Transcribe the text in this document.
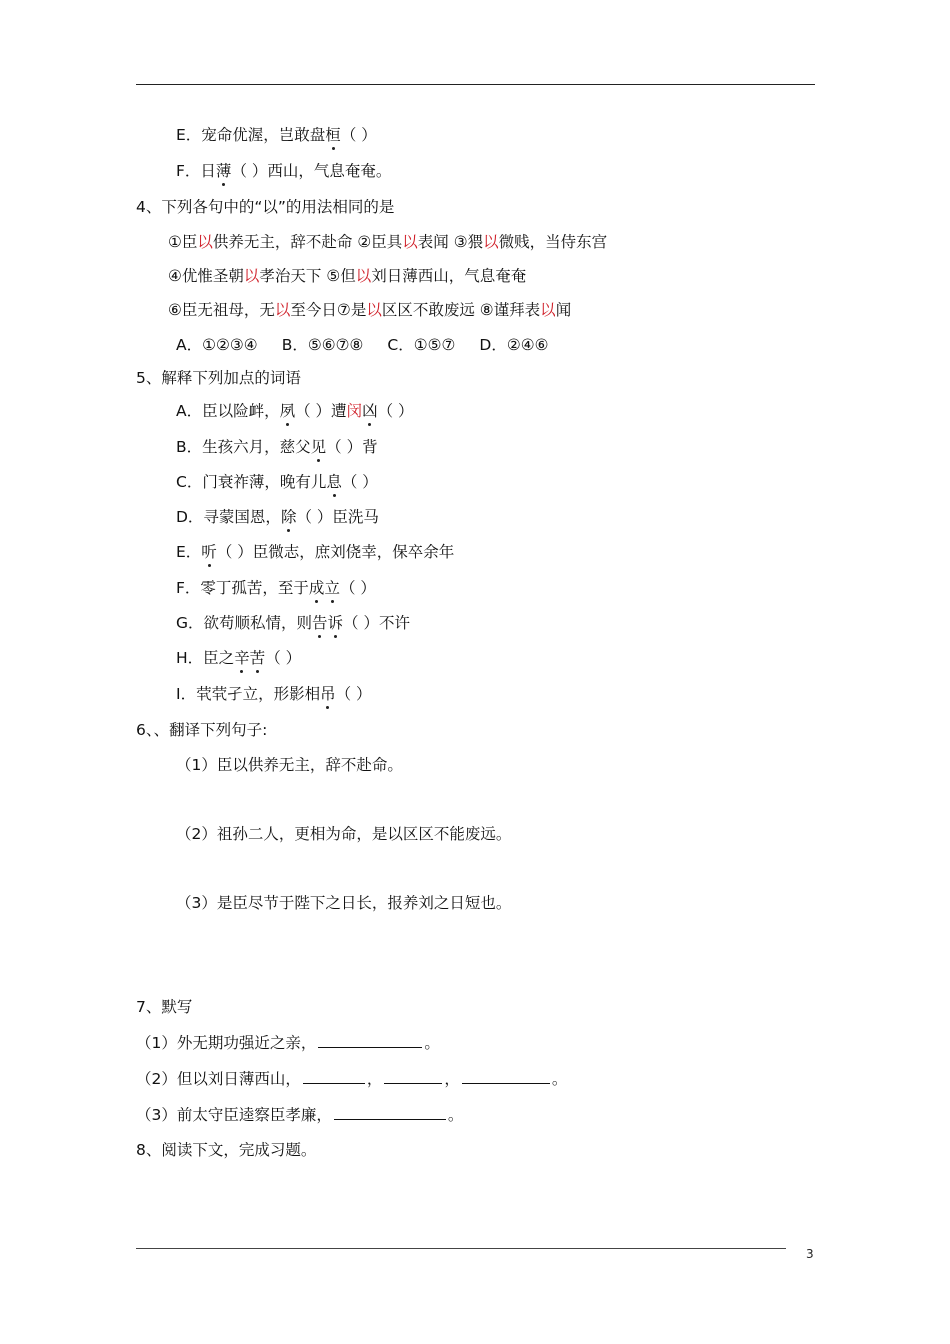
E．宠命优渥，岂敢盘桓（ ）
F．日薄（ ）西山，气息奄奄。
4、下列各句中的“以”的用法相同的是
①臣以供养无主，辞不赴命 ②臣具以表闻 ③猥以微贱，当侍东宫
④优惟圣朝以孝治天下 ⑤但以刘日薄西山，气息奄奄
⑥臣无祖母，无以至今日⑦是以区区不敢废远 ⑧谨拜表以闻
A．①②③④ B．⑤⑥⑦⑧ C．①⑤⑦ D．②④⑥
5、解释下列加点的词语
A．臣以险衅，夙（ ）遭闵凶（ ）
B．生孩六月，慈父见（ ）背
C．门衰祚薄，晚有儿息（ ）
D．寻蒙国恩，除（ ）臣洗马
E．听（ ）臣微志，庶刘侥幸，保卒余年
F．零丁孤苦，至于成立（ ）
G．欲苟顺私情，则告诉（ ）不许
H．臣之辛苦（ ）
I．茕茕孑立，形影相吊（ ）
6、、翻译下列句子:
（1）臣以供养无主，辞不赴命。
（2）祖孙二人，更相为命，是以区区不能废远。
（3）是臣尽节于陛下之日长，报养刘之日短也。
7、默写
（1）外无期功强近之亲，	。
（2）但以刘日薄西山，	，	，	。
（3）前太守臣逵察臣孝廉，	。
8、阅读下文，完成习题。
3
